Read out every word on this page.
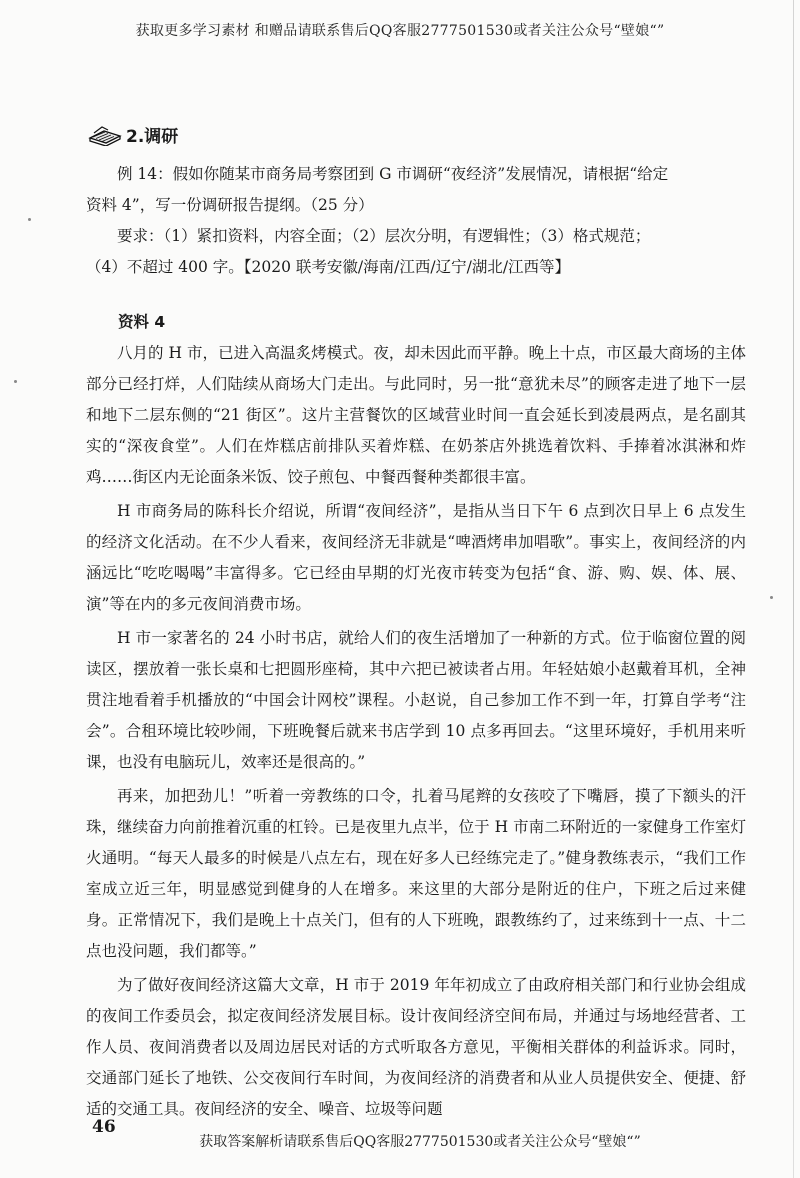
获取更多学习素材 和赠品请联系售后QQ客服2777501530或者关注公众号“壁娘“”
2.调研

例 14：假如你随某市商务局考察团到 G 市调研“夜经济”发展情况，请根据“给定

资料 4”，写一份调研报告提纲。（25 分）

要求：（1）紧扣资料，内容全面；（2）层次分明，有逻辑性；（3）格式规范；

（4）不超过 400 字。【2020 联考安徽/海南/江西/辽宁/湖北/江西等】

资料 4

八月的 H 市，已进入高温炙烤模式。夜，却未因此而平静。晚上十点，市区最大商场的主体部分已经打烊，人们陆续从商场大门走出。与此同时，另一批“意犹未尽”的顾客走进了地下一层和地下二层东侧的“21 街区”。这片主营餐饮的区域营业时间一直会延长到凌晨两点，是名副其实的“深夜食堂”。人们在炸糕店前排队买着炸糕、在奶茶店外挑选着饮料、手捧着冰淇淋和炸鸡……街区内无论面条米饭、饺子煎包、中餐西餐种类都很丰富。

H 市商务局的陈科长介绍说，所谓“夜间经济”，是指从当日下午 6 点到次日早上 6 点发生的经济文化活动。在不少人看来，夜间经济无非就是“啤酒烤串加唱歌”。事实上，夜间经济的内涵远比“吃吃喝喝”丰富得多。它已经由早期的灯光夜市转变为包括“食、游、购、娱、体、展、演”等在内的多元夜间消费市场。

H 市一家著名的 24 小时书店，就给人们的夜生活增加了一种新的方式。位于临窗位置的阅读区，摆放着一张长桌和七把圆形座椅，其中六把已被读者占用。年轻姑娘小赵戴着耳机，全神贯注地看着手机播放的“中国会计网校”课程。小赵说，自己参加工作不到一年，打算自学考“注会”。合租环境比较吵闹，下班晚餐后就来书店学到 10 点多再回去。“这里环境好，手机用来听课，也没有电脑玩儿，效率还是很高的。”

再来，加把劲儿！”听着一旁教练的口令，扎着马尾辫的女孩咬了下嘴唇，摸了下额头的汗珠，继续奋力向前推着沉重的杠铃。已是夜里九点半，位于 H 市南二环附近的一家健身工作室灯火通明。“每天人最多的时候是八点左右，现在好多人已经练完走了。”健身教练表示，“我们工作室成立近三年，明显感觉到健身的人在增多。来这里的大部分是附近的住户，下班之后过来健身。正常情况下，我们是晚上十点关门，但有的人下班晚，跟教练约了，过来练到十一点、十二点也没问题，我们都等。”

为了做好夜间经济这篇大文章，H 市于 2019 年年初成立了由政府相关部门和行业协会组成的夜间工作委员会，拟定夜间经济发展目标。设计夜间经济空间布局，并通过与场地经营者、工作人员、夜间消费者以及周边居民对话的方式听取各方意见，平衡相关群体的利益诉求。同时，交通部门延长了地铁、公交夜间行车时间，为夜间经济的消费者和从业人员提供安全、便捷、舒适的交通工具。夜间经济的安全、噪音、垃圾等问题

46
获取答案解析请联系售后QQ客服2777501530或者关注公众号“壁娘“”
